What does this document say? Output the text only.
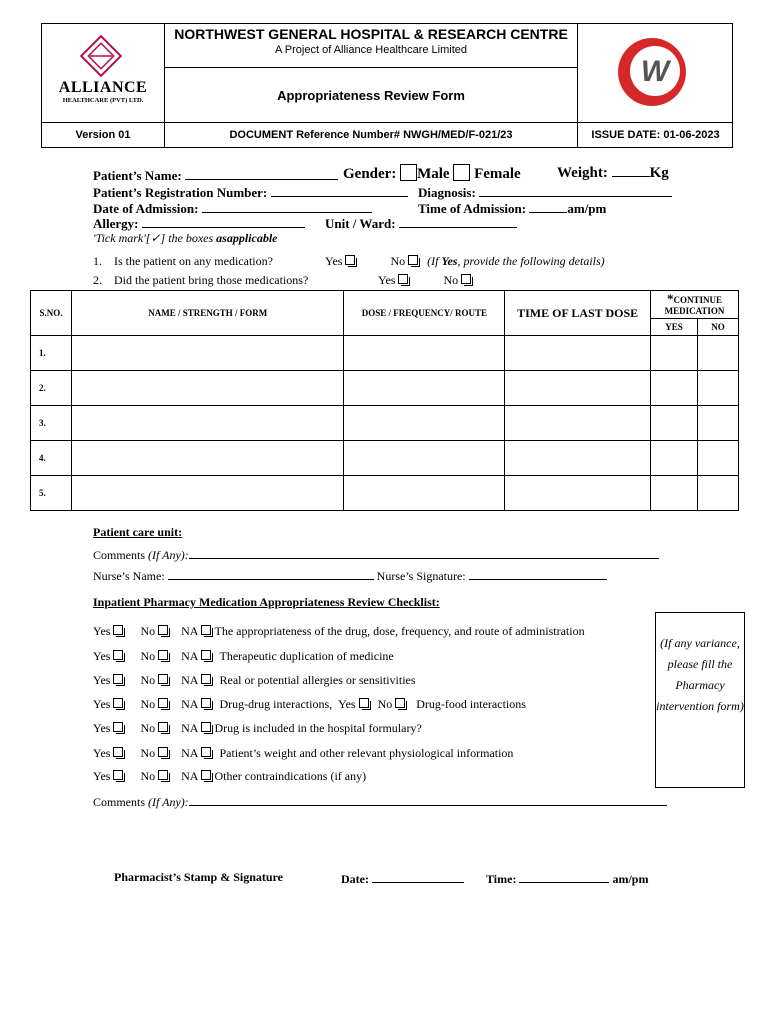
ALLIANCE
HEALTHCARE (PVT) LTD.
NORTHWEST GENERAL HOSPITAL & RESEARCH CENTRE
A Project of Alliance Healthcare Limited
Appropriateness Review Form
W
Version 01	DOCUMENT Reference Number# NWGH/MED/F-021/23	ISSUE DATE: 01-06-2023
Patient’s Name:	Gender: Male Female Weight:	Kg
Patient’s Registration Number:	Diagnosis:
Date of Admission:	Time of Admission:	am/pm
Allergy:	Unit / Ward:
'Tick mark'[✓] the boxes asapplicable
1. Is the patient on any medication?	Yes	No (If Yes, provide the following details)
2. Did the patient bring those medications?	Yes	No
S.NO.	NAME / STRENGTH / FORM	DOSE / FREQUENCY/ ROUTE	TIME OF LAST DOSE	*CONTINUE MEDICATION	
				YES	NO
1.					
2.					
3.					
4.					
5.					
Patient care unit:
Comments (If Any):
Nurse’s Name:	Nurse’s Signature:
Inpatient Pharmacy Medication Appropriateness Review Checklist:
Yes	No NA The appropriateness of the drug, dose, frequency, and route of administration
Yes	No NA Therapeutic duplication of medicine
Yes	No NA Real or potential allergies or sensitivities
Yes	No NA Drug-drug interactions, Yes No Drug-food interactions
Yes	No NA Drug is included in the hospital formulary?
Yes	No NA Patient’s weight and other relevant physiological information
Yes	No NA Other contraindications (if any)
Comments (If Any):
(If any variance, please fill the Pharmacy intervention form)
Pharmacist’s Stamp & Signature	Date:	Time:	am/pm
